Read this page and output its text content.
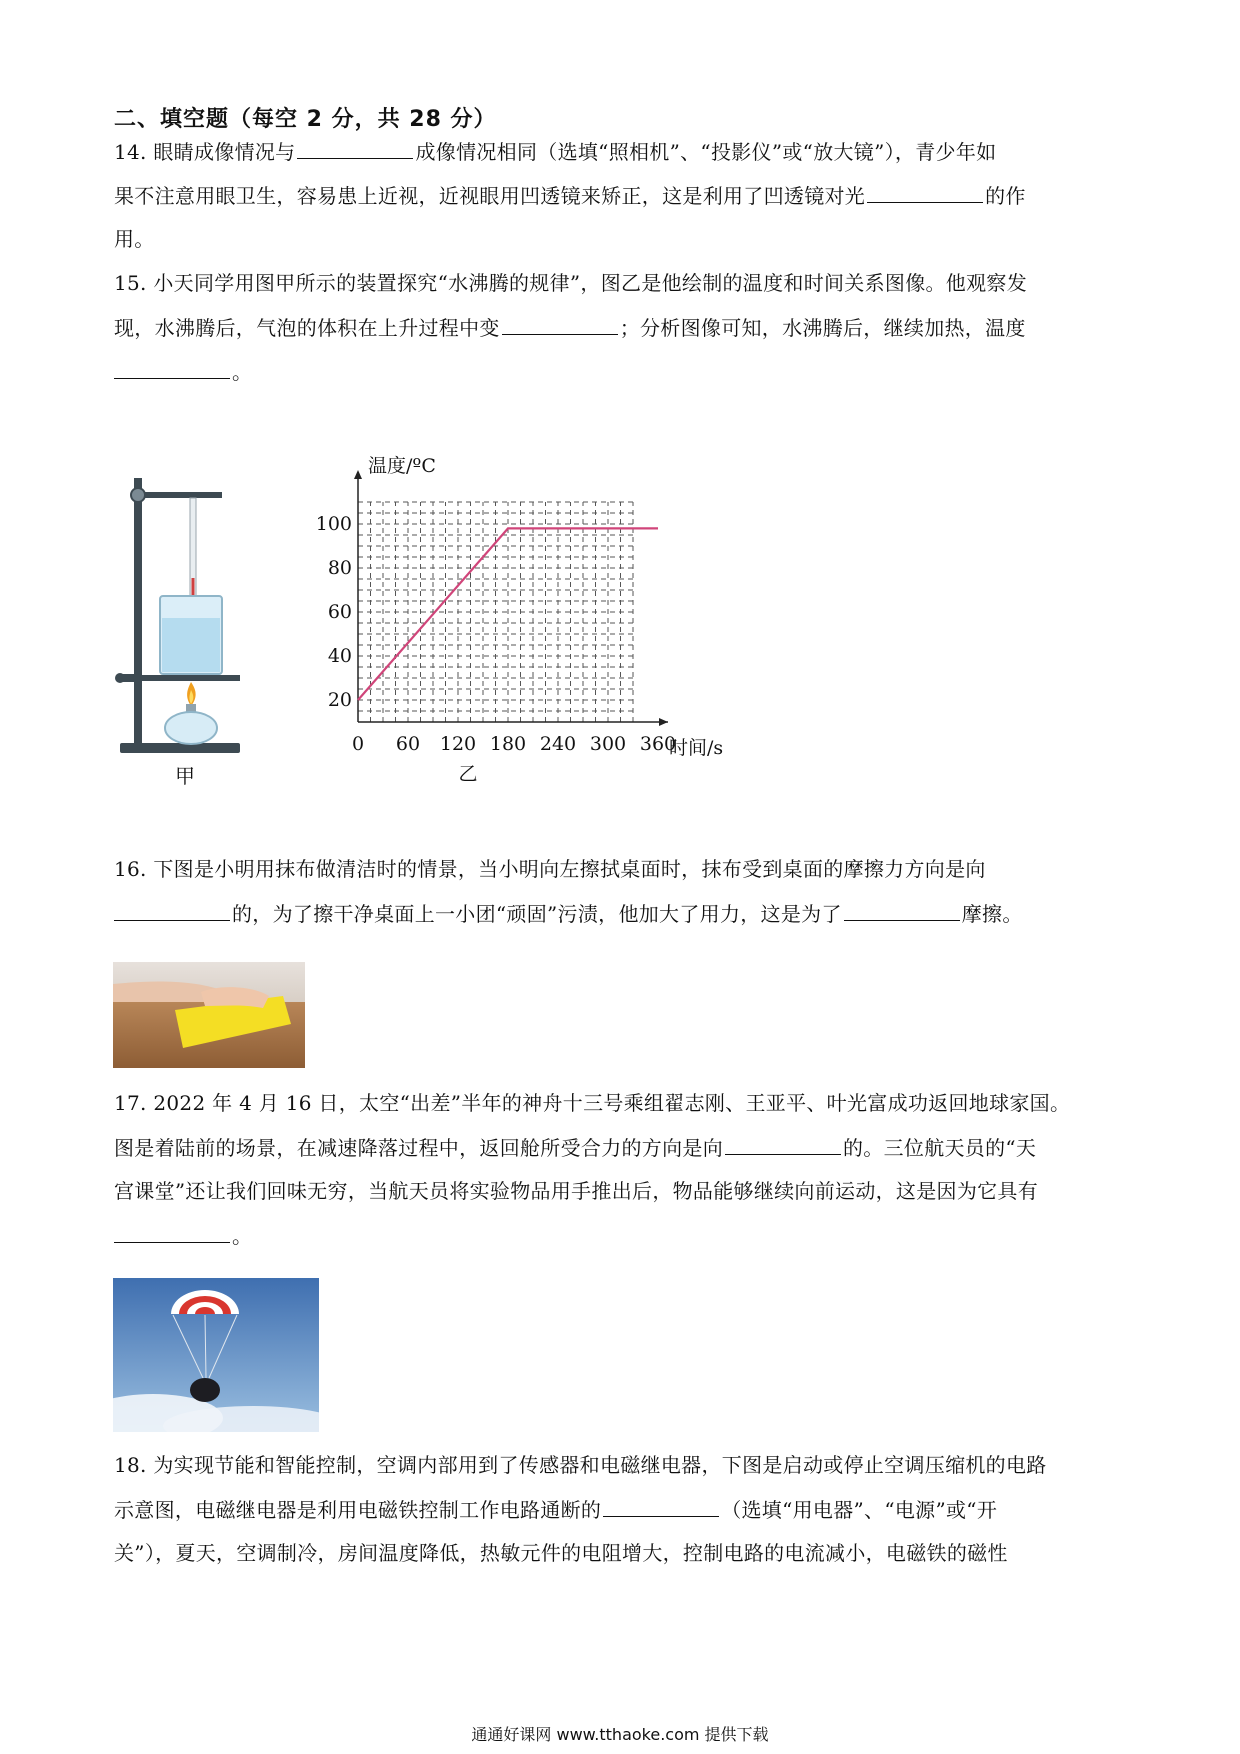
二、填空题（每空 2 分，共 28 分）
14. 眼睛成像情况与	成像情况相同（选填“照相机”、“投影仪”或“放大镜”），青少年如
果不注意用眼卫生，容易患上近视，近视眼用凹透镜来矫正，这是利用了凹透镜对光	的作
用。
15. 小天同学用图甲所示的装置探究“水沸腾的规律”，图乙是他绘制的温度和时间关系图像。他观察发
现，水沸腾后，气泡的体积在上升过程中变	；分析图像可知，水沸腾后，继续加热，温度
。
甲
0 60 120 180 240 300 360
20
40
60
80
100
温度/ºC
时间/s
乙
16. 下图是小明用抹布做清洁时的情景，当小明向左擦拭桌面时，抹布受到桌面的摩擦力方向是向
的，为了擦干净桌面上一小团“顽固”污渍，他加大了用力，这是为了	摩擦。
17. 2022 年 4 月 16 日，太空“出差”半年的神舟十三号乘组翟志刚、王亚平、叶光富成功返回地球家国。
图是着陆前的场景，在减速降落过程中，返回舱所受合力的方向是向	的。三位航天员的“天
宫课堂”还让我们回味无穷，当航天员将实验物品用手推出后，物品能够继续向前运动，这是因为它具有
。
18. 为实现节能和智能控制，空调内部用到了传感器和电磁继电器，下图是启动或停止空调压缩机的电路
示意图，电磁继电器是利用电磁铁控制工作电路通断的	（选填“用电器”、“电源”或“开
关”），夏天，空调制冷，房间温度降低，热敏元件的电阻增大，控制电路的电流减小，电磁铁的磁性
通通好课网 www.tthaoke.com 提供下载
